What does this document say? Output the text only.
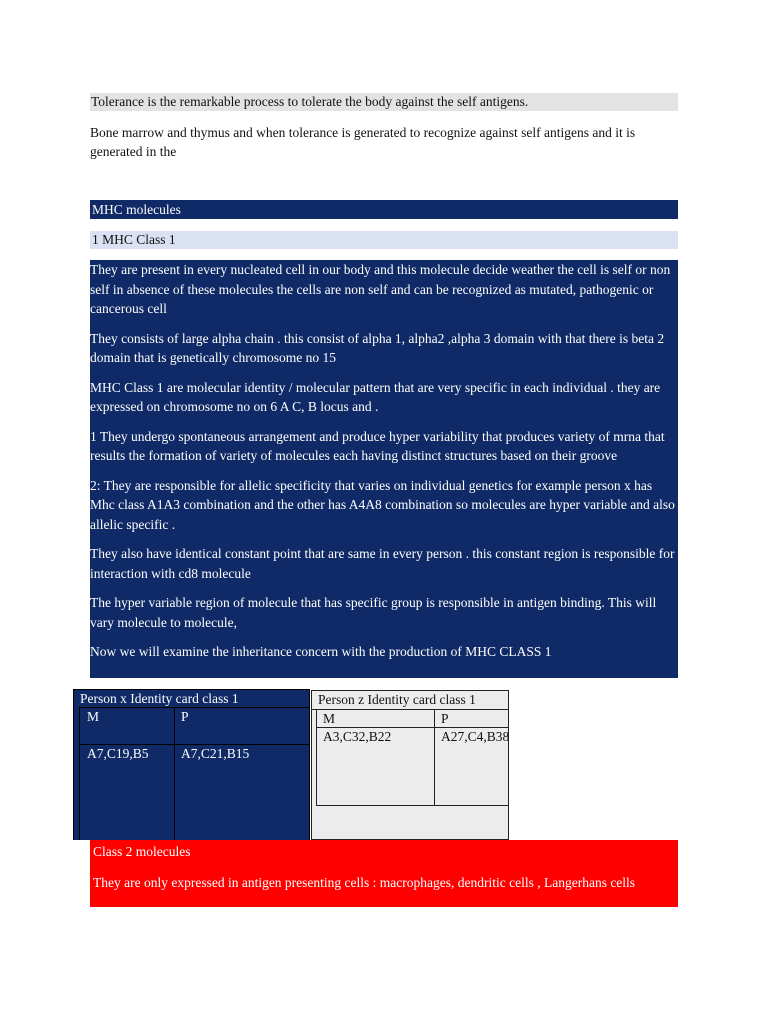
Tolerance is the remarkable process to tolerate the body against the self antigens.
Bone marrow and thymus and when tolerance is generated to recognize against self antigens and it is generated in the
MHC molecules
1 MHC Class 1

They are present in every nucleated cell in our body and this molecule decide weather the cell is self or non self in absence of these molecules the cells are non self and can be recognized as mutated, pathogenic or cancerous cell

They consists of large alpha chain . this consist of alpha 1, alpha2 ,alpha 3 domain with that there is beta 2 domain that is genetically chromosome no 15

MHC Class 1 are molecular identity / molecular pattern that are very specific in each individual . they are expressed on chromosome no on 6 A C, B locus and .

1 They undergo spontaneous arrangement and produce hyper variability that produces variety of mrna that results the formation of variety of molecules each having distinct structures based on their groove

2: They are responsible for allelic specificity that varies on individual genetics for example person x has Mhc class A1A3 combination and the other has A4A8 combination so molecules are hyper variable and also allelic specific .

They also have identical constant point that are same in every person . this constant region is responsible for interaction with cd8 molecule

The hyper variable region of molecule that has specific group is responsible in antigen binding. This will vary molecule to molecule,

Now we will examine the inheritance concern with the production of MHC CLASS 1

Person x Identity card class 1
M	P
A7,C19,B5 A7,C21,B15
Person z Identity card class 1
M	P
A3,C32,B22	A27,C4,B38

Class 2 molecules

They are only expressed in antigen presenting cells : macrophages, dendritic cells , Langerhans cells
